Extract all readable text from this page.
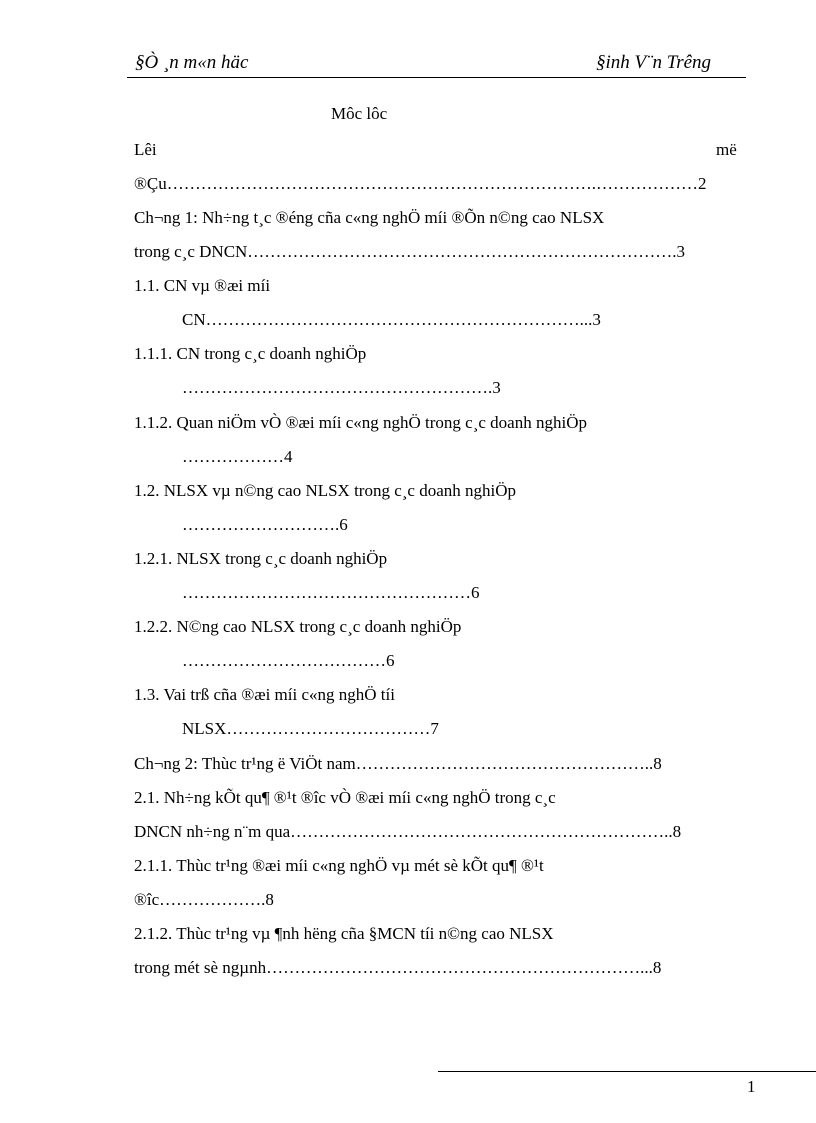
§Ò ¸n m«n häc	§inh V¨n Trêng
Môc lôc
Lêi	më
®Çu………………………………………………………………….………………2
Ch¬ng 1: Nh÷ng t¸c ®éng cña c«ng nghÖ míi ®Õn n©ng cao NLSX
trong c¸c DNCN………………………………………………………………….3
1.1. CN vµ ®æi míi
CN…………………………………………………………...3
1.1.1. CN trong c¸c doanh nghiÖp
……………………………………………….3
1.1.2. Quan niÖm vÒ ®æi míi c«ng nghÖ trong c¸c doanh nghiÖp
………………4
1.2. NLSX vµ n©ng cao NLSX trong c¸c doanh nghiÖp
……………………….6
1.2.1. NLSX trong c¸c doanh nghiÖp
……………………………………………6
1.2.2. N©ng cao NLSX trong c¸c doanh nghiÖp
………………………………6
1.3. Vai trß cña ®æi míi c«ng nghÖ tíi
NLSX………………………………7
Ch¬ng 2: Thùc tr¹ng ë ViÖt nam……………………………………………..8
2.1. Nh÷ng kÕt qu¶ ®¹t ®îc vÒ ®æi míi c«ng nghÖ trong c¸c
DNCN nh÷ng n¨m qua…………………………………………………………..8
2.1.1. Thùc tr¹ng ®æi míi c«ng nghÖ vµ mét sè kÕt qu¶ ®¹t
®îc……………….8
2.1.2. Thùc tr¹ng vµ ¶nh hëng cña §MCN tíi n©ng cao NLSX
trong mét sè ngµnh…………………………………………………………...8
1
